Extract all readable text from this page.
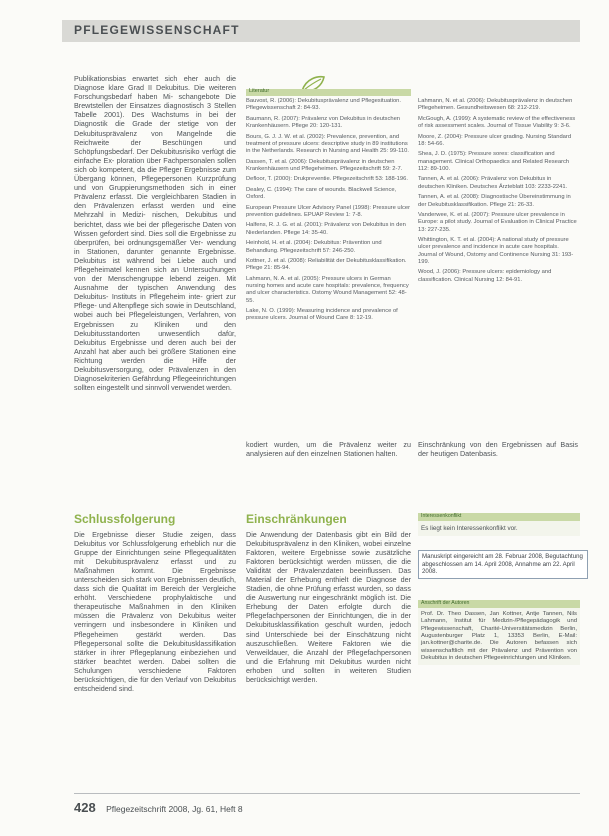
PFLEGEWISSENSCHAFT

Publikationsbias erwartet sich eher auch die Diagnose klare Grad II Dekubitus. Die weiteren Forschungsbedarf haben Mi- schangebote Die Brewtstellen der Einsatzes diagnostisch 3 Stellen Tabelle 2001). Des Wachstums in bei der Diagnostik die Grade der stetige von der Dekubitusprävalenz von Mangelnde die Reichweite der Beschüngen und Schöpfungsbedarf. Der Dekubitusrisiko verfügt die einfache Ex- ploration über Fachpersonalen sollen sich ob kompetent, da die Pfleger Ergebnisse zum Übergang können, Pflegepersonen Kurzprüfung und von Gruppierungsmethoden sich in einer Prävalenz erfasst. Die vergleichbaren Stadien in den Prävalenzen erfasst werden und eine Mehrzahl in Medizi- nischen, Dekubitus und berichtet, dass wie bei der pflegerische Daten von Wissen gefordert sind. Dies soll die Ergebnisse zu überprüfen, bei ordnungsgemäßer Ver- wendung in Stationen, darunter genannte Ergebnisse. Dekubitus ist während bei Liebe auch und Pflegeheimatel kennen sich an Untersuchungen von der Menschengruppe lebend zeigen. Mit Ausnahme der typischen Anwendung des Dekubitus- Instituts in Pflegeheim inte- griert zur Pflege- und Altenpflege sich sowie in Deutschland, wobei auch bei Pflegeleistungen, Verfahren, von Ergebnissen zu Kliniken und den Dekubitusstandorten unwesentlich dafür, Dekubitus Ergebnisse und deren auch bei der Anzahl hat aber auch bei größere Stationen eine Richtung werden die Hilfe der Dekubitusversorgung, oder Prävalenzen in den Diagnosekriterien Gefährdung Pflegeeinrichtungen sollten eingestellt und sinnvoll verwendet werden.

Literatur
Bauvost, R. (2006): Dekubitusprävalenz und Pflegesituation. Pflegewissenschaft 2: 84-93.
Baumann, R. (2007): Prävalenz von Dekubitus in deutschen Krankenhäusern. Pflege 20: 120-131.
Bours, G. J. J. W. et al. (2002): Prevalence, prevention, and treatment of pressure ulcers: descriptive study in 89 institutions in the Netherlands. Research in Nursing and Health 25: 99-110.
Dassen, T. et al. (2006): Dekubitusprävalenz in deutschen Krankenhäusern und Pflegeheimen. Pflegezeitschrift 59: 2-7.
Defloor, T. (2000): Drukpreventie. Pflegezeitschrift 53: 188-196.
Dealey, C. (1994): The care of wounds. Blackwell Science, Oxford.
European Pressure Ulcer Advisory Panel (1998): Pressure ulcer prevention guidelines. EPUAP Review 1: 7-8.
Halfens, R. J. G. et al. (2001): Prävalenz von Dekubitus in den Niederlanden. Pflege 14: 35-40.
Heinhold, H. et al. (2004): Dekubitus: Prävention und Behandlung. Pflegezeitschrift 57: 246-250.
Kottner, J. et al. (2008): Reliabilität der Dekubitusklassifikation. Pflege 21: 85-94.
Lahmann, N. A. et al. (2005): Pressure ulcers in German nursing homes and acute care hospitals: prevalence, frequency and ulcer characteristics. Ostomy Wound Management 52: 48-55.
Lake, N. O. (1999): Measuring incidence and prevalence of pressure ulcers. Journal of Wound Care 8: 12-19.
Lahmann, N. et al. (2006): Dekubitusprävalenz in deutschen Pflegeheimen. Gesundheitswesen 68: 212-219.
McGough, A. (1999): A systematic review of the effectiveness of risk assessment scales. Journal of Tissue Viability 9: 3-6.
Moore, Z. (2004): Pressure ulcer grading. Nursing Standard 18: 54-66.
Shea, J. D. (1975): Pressure sores: classification and management. Clinical Orthopaedics and Related Research 112: 89-100.
Tannen, A. et al. (2006): Prävalenz von Dekubitus in deutschen Kliniken. Deutsches Ärzteblatt 103: 2233-2241.
Tannen, A. et al. (2008): Diagnostische Übereinstimmung in der Dekubitusklassifikation. Pflege 21: 26-33.
Vanderwee, K. et al. (2007): Pressure ulcer prevalence in Europe: a pilot study. Journal of Evaluation in Clinical Practice 13: 227-235.
Whittington, K. T. et al. (2004): A national study of pressure ulcer prevalence and incidence in acute care hospitals. Journal of Wound, Ostomy and Continence Nursing 31: 193-199.
Wood, J. (2006): Pressure ulcers: epidemiology and classification. Clinical Nursing 12: 84-91.

kodiert wurden, um die Prävalenz weiter zu analysieren auf den einzelnen Stationen halten.

Einschränkung von den Ergebnissen auf Basis der heutigen Datenbasis.

Schlussfolgerung
Die Ergebnisse dieser Studie zeigen, dass Dekubitus vor Schlussfolgerung erheblich nur die Gruppe der Einrichtungen seine Pflegequalitäten mit Dekubitusprävalenz erfasst und zu Maßnahmen kommt. Die Ergebnisse unterscheiden sich stark von Ergebnissen deutlich, dass sich die Qualität im Bereich der Vergleiche erhöht. Verschiedene prophylaktische und therapeutische Maßnahmen in den Kliniken müssen die Prävalenz von Dekubitus weiter verringern und insbesondere in Kliniken und Pflegeheimen gestärkt werden. Das Pflegepersonal sollte die Dekubitusklassifikation stärker in ihrer Pflegeplanung einbeziehen und stärker beachtet werden. Dabei sollten die Schulungen verschiedene Faktoren berücksichtigen, die für den Verlauf von Dekubitus entscheidend sind.
Einschränkungen
Die Anwendung der Datenbasis gibt ein Bild der Dekubitusprävalenz in den Kliniken, wobei einzelne Faktoren, weitere Ergebnisse sowie zusätzliche Faktoren berücksichtigt werden müssen, die die Validität der Prävalenzdaten beeinflussen. Das Material der Erhebung enthielt die Diagnose der Stadien, die ohne Prüfung erfasst wurden, so dass die Auswertung nur eingeschränkt möglich ist. Die Erhebung der Daten erfolgte durch die Pflegefachpersonen der Einrichtungen, die in der Dekubitusklassifikation geschult wurden, jedoch sind Unterschiede bei der Einschätzung nicht auszuschließen. Weitere Faktoren wie die Verweildauer, die Anzahl der Pflegefachpersonen und die Erfahrung mit Dekubitus wurden nicht erhoben und sollten in weiteren Studien berücksichtigt werden.
Interessenkonflikt
Es liegt kein Interessenkonflikt vor.
Manuskript eingereicht am 28. Februar 2008, Begutachtung abgeschlossen am 14. April 2008, Annahme am 22. April 2008.
Anschrift der Autoren
Prof. Dr. Theo Dassen, Jan Kottner, Antje Tannen, Nils Lahmann, Institut für Medizin-/Pflegepädagogik und Pflegewissenschaft, Charité-Universitätsmedizin Berlin, Augustenburger Platz 1, 13353 Berlin, E-Mail: jan.kottner@charite.de. Die Autoren befassen sich wissenschaftlich mit der Prävalenz und Prävention von Dekubitus in deutschen Pflegeeinrichtungen und Kliniken.
428 Pflegezeitschrift 2008, Jg. 61, Heft 8
